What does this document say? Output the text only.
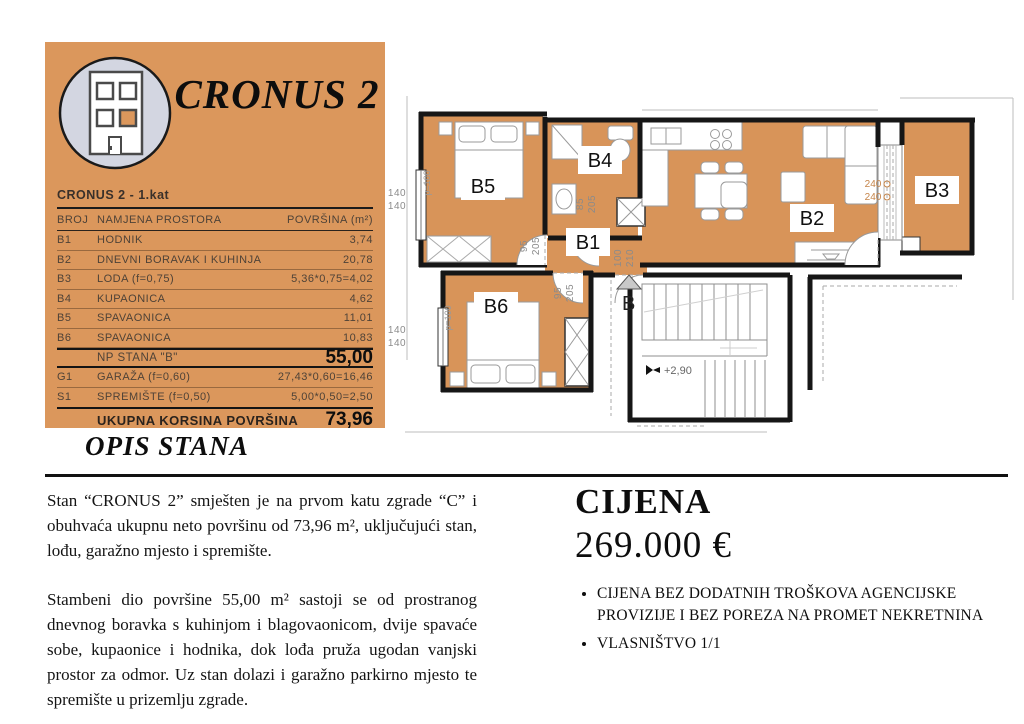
CRONUS 2
CRONUS 2 - 1.kat
BROJ NAMJENA PROSTORA	POVRŠINA (m²)
B1	HODNIK	3,74
B2	DNEVNI BORAVAK I KUHINJA	20,78
B3	LODA (f=0,75)	5,36*0,75=4,02
B4	KUPAONICA	4,62
B5	SPAVAONICA	11,01
B6	SPAVAONICA	10,83
NP STANA "B"	55,00
G1	GARAŽA (f=0,60)	27,43*0,60=16,46
S1	SPREMIŠTE (f=0,50)	5,00*0,50=2,50
UKUPNA KORSINA POVRŠINA	73,96
B
+2,90
B5
B4
B1
B2
B3
B6
140
140
140
140
p=100
p=100
95 205
85 205
95 205
100 210
240
240
OPIS STANA

Stan “CRONUS 2” smješten je na prvom katu zgrade “C” i obuhvaća ukupnu neto površinu od 73,96 m², uključujući stan, lođu, garažno mjesto i spremište.

Stambeni dio površine 55,00 m² sastoji se od prostranog dnevnog boravka s kuhinjom i blagovaonicom, dvije spavaće sobe, kupaonice i hodnika, dok lođa pruža ugodan vanjski prostor za odmor. Uz stan dolazi i garažno parkirno mjesto te spremište u prizemlju zgrade.

CIJENA
269.000 €
• CIJENA BEZ DODATNIH TROŠKOVA AGENCIJSKE PROVIZIJE I BEZ POREZA NA PROMET NEKRETNINA
• VLASNIŠTVO 1/1
